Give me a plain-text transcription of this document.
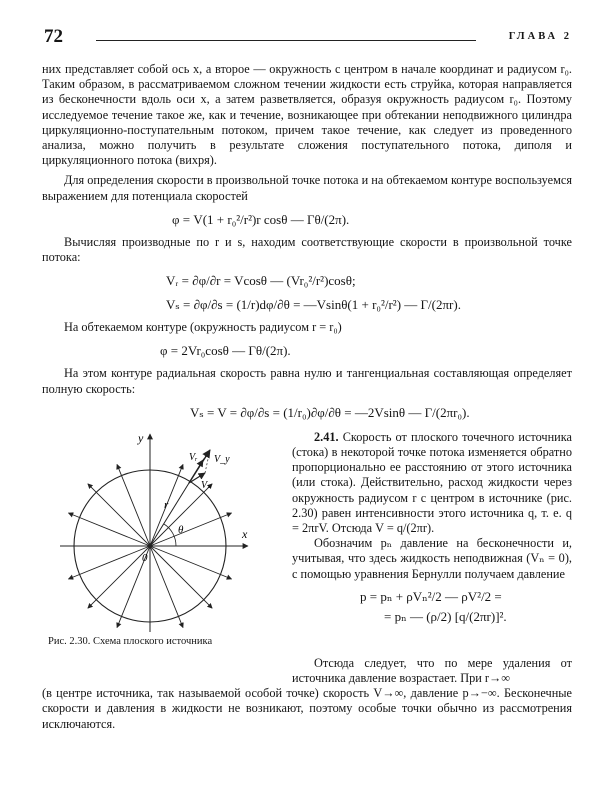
72	ГЛАВА 2

них представляет собой ось x, а второе — окружность с центром в начале координат и радиусом r₀. Таким образом, в рассматриваемом сложном течении жидкости есть струйка, которая направляется из бесконечности вдоль оси x, а затем разветвляется, образуя окружность радиусом r₀. Поэтому исследуемое течение такое же, как и течение, возникающее при обтекании неподвижного цилиндра циркуляционно-поступательным потоком, причем такое течение, как следует из проведенного анализа, можно получить в результате сложения поступательного потока, диполя и циркуляционного потока (вихря).

Для определения скорости в произвольной точке потока и на обтекаемом контуре воспользуемся выражением для потенциала скоростей

φ = V(1 + r₀²/r²)r cosθ — Γθ/(2π).

Вычисляя производные по r и s, находим соответствующие скорости в произвольной точке потока:

Vᵣ = ∂φ/∂r = Vcosθ — (Vr₀²/r²)cosθ;
Vₛ = ∂φ/∂s = (1/r)dφ/∂θ = —Vsinθ(1 + r₀²/r²) — Γ/(2πr).

На обтекаемом контуре (окружность радиусом r = r₀)

φ = 2Vr₀cosθ — Γθ/(2π).

На этом контуре радиальная скорость равна нулю и тангенциальная составляющая определяет полную скорость:

Vₛ = V = ∂φ/∂s = (1/r₀)∂φ/∂θ = —2Vsinθ — Γ/(2πr₀).
x
y
0
θ
r
Vᵣ
Vₛ
V_y
Рис. 2.30. Схема плоского источника

2.41. Скорость от плоского точечного источника (стока) в некоторой точке потока изменяется обратно пропорционально ее расстоянию от этого источника (или стока). Действительно, расход жидкости через окружность радиусом r с центром в источнике (рис. 2.30) равен интенсивности этого источника q, т. е. q = 2πrV. Отсюда V = q/(2πr).

Обозначим pₙ давление на бесконечности и, учитывая, что здесь жидкость неподвижная (Vₙ = 0), с помощью уравнения Бернулли получаем давление

p = pₙ + ρVₙ²/2 — ρV²/2 =
= pₙ — (ρ/2) [q/(2πr)]².

Отсюда следует, что по мере удаления от источника давление возрастает. При r→∞

(в центре источника, так называемой особой точке) скорость V→∞, давление p→−∞. Бесконечные скорости и давления в жидкости не возникают, поэтому особые точки обычно из рассмотрения исключаются.
